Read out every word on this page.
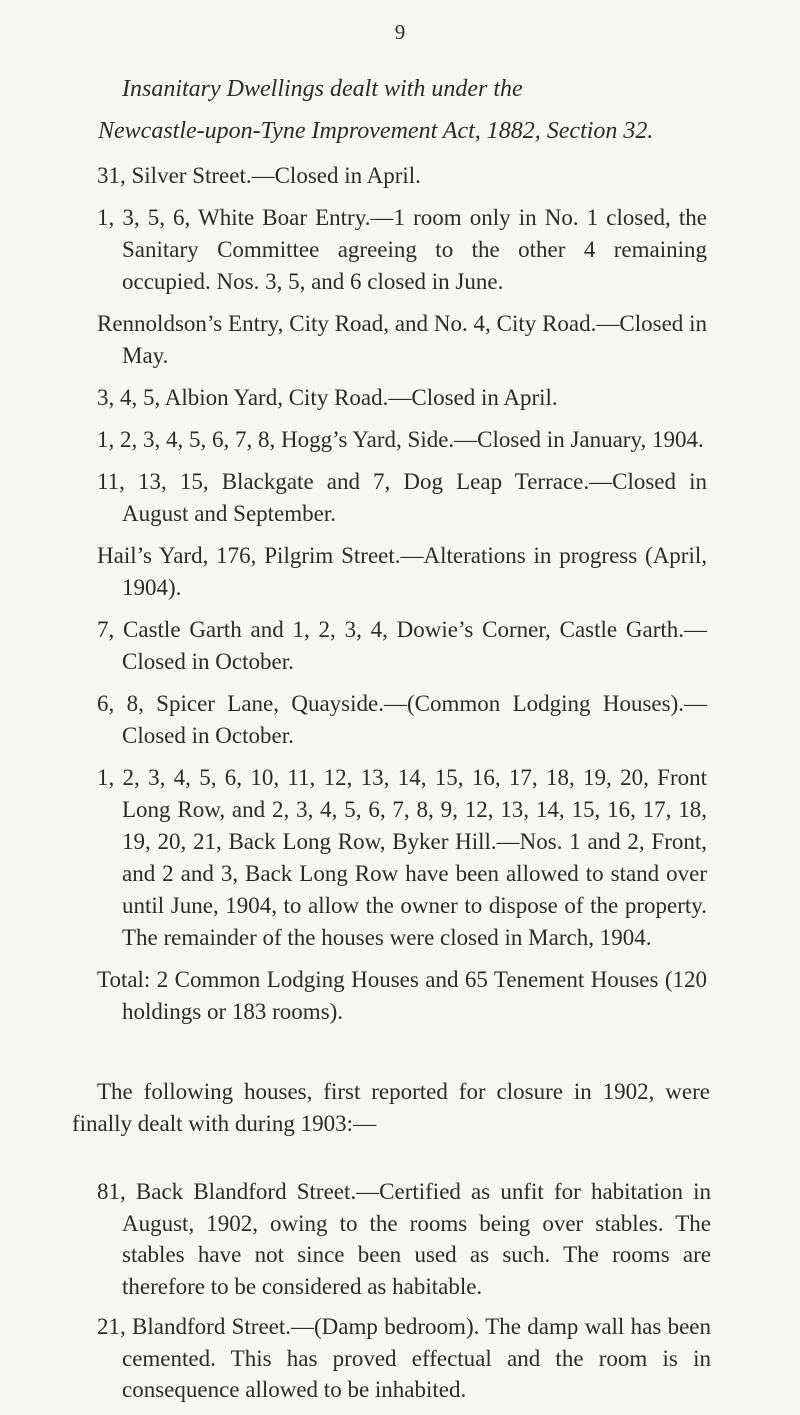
9
Insanitary Dwellings dealt with under the
Newcastle-upon-Tyne Improvement Act, 1882, Section 32.

31, Silver Street.—Closed in April.

1, 3, 5, 6, White Boar Entry.—1 room only in No. 1 closed, the Sanitary Committee agreeing to the other 4 remaining occupied. Nos. 3, 5, and 6 closed in June.

Rennoldson’s Entry, City Road, and No. 4, City Road.—Closed in May.

3, 4, 5, Albion Yard, City Road.—Closed in April.

1, 2, 3, 4, 5, 6, 7, 8, Hogg’s Yard, Side.—Closed in January, 1904.

11, 13, 15, Blackgate and 7, Dog Leap Terrace.—Closed in August and September.

Hail’s Yard, 176, Pilgrim Street.—Alterations in progress (April, 1904).

7, Castle Garth and 1, 2, 3, 4, Dowie’s Corner, Castle Garth.—Closed in October.

6, 8, Spicer Lane, Quayside.—(Common Lodging Houses).—Closed in October.

1, 2, 3, 4, 5, 6, 10, 11, 12, 13, 14, 15, 16, 17, 18, 19, 20, Front Long Row, and 2, 3, 4, 5, 6, 7, 8, 9, 12, 13, 14, 15, 16, 17, 18, 19, 20, 21, Back Long Row, Byker Hill.—Nos. 1 and 2, Front, and 2 and 3, Back Long Row have been allowed to stand over until June, 1904, to allow the owner to dispose of the property. The remainder of the houses were closed in March, 1904.

Total: 2 Common Lodging Houses and 65 Tenement Houses (120 holdings or 183 rooms).

The following houses, first reported for closure in 1902, were finally dealt with during 1903:—

81, Back Blandford Street.—Certified as unfit for habitation in August, 1902, owing to the rooms being over stables. The stables have not since been used as such. The rooms are therefore to be considered as habitable.

21, Blandford Street.—(Damp bedroom). The damp wall has been cemented. This has proved effectual and the room is in consequence allowed to be inhabited.
